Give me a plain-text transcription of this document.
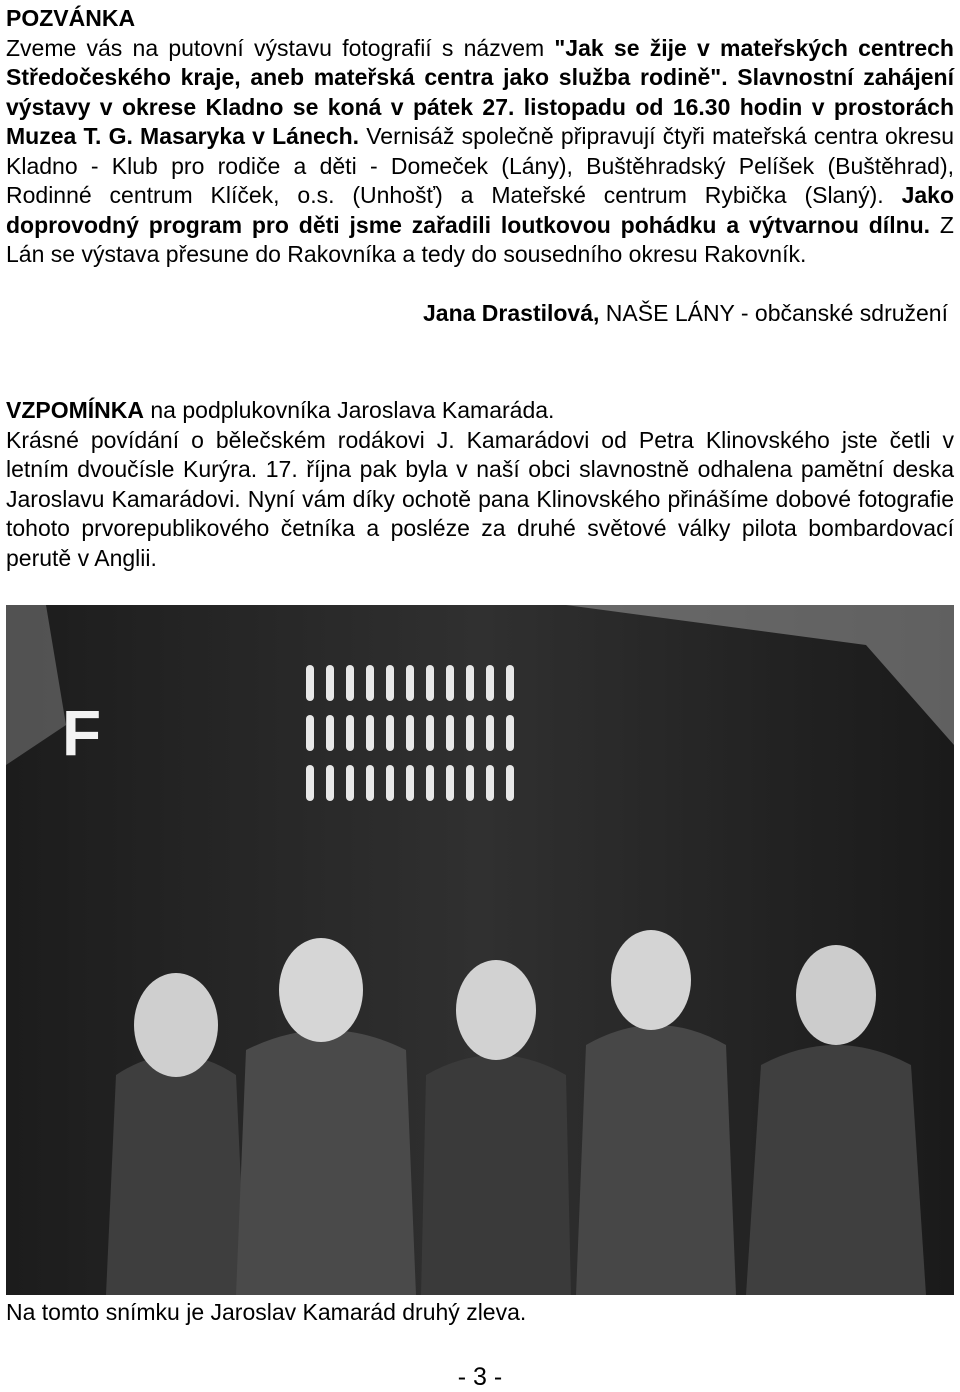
POZVÁNKA
Zveme vás na putovní výstavu fotografií s názvem "Jak se žije v mateřských centrech Středočeského kraje, aneb mateřská centra jako služba rodině". Slavnostní zahájení výstavy v okrese Kladno se koná v pátek 27. listopadu od 16.30 hodin v prostorách Muzea T. G. Masaryka v Lánech. Vernisáž společně připravují čtyři mateřská centra okresu Kladno - Klub pro rodiče a děti - Domeček (Lány), Buštěhradský Pelíšek (Buštěhrad), Rodinné centrum Klíček, o.s. (Unhošť) a Mateřské centrum Rybička (Slaný). Jako doprovodný program pro děti jsme zařadili loutkovou pohádku a výtvarnou dílnu. Z Lán se výstava přesune do Rakovníka a tedy do sousedního okresu Rakovník.
Jana Drastilová, NAŠE LÁNY - občanské sdružení
VZPOMÍNKA na podplukovníka Jaroslava Kamaráda.
Krásné povídání o bělečském rodákovi J. Kamarádovi od Petra Klinovského jste četli v letním dvoučísle Kurýra. 17. října pak byla v naší obci slavnostně odhalena pamětní deska Jaroslavu Kamarádovi. Nyní vám díky ochotě pana Klinovského přinášíme dobové fotografie tohoto prvorepublikového četníka a posléze za druhé světové války pilota bombardovací perutě v Anglii.
F
Na tomto snímku je Jaroslav Kamarád druhý zleva.
- 3 -
